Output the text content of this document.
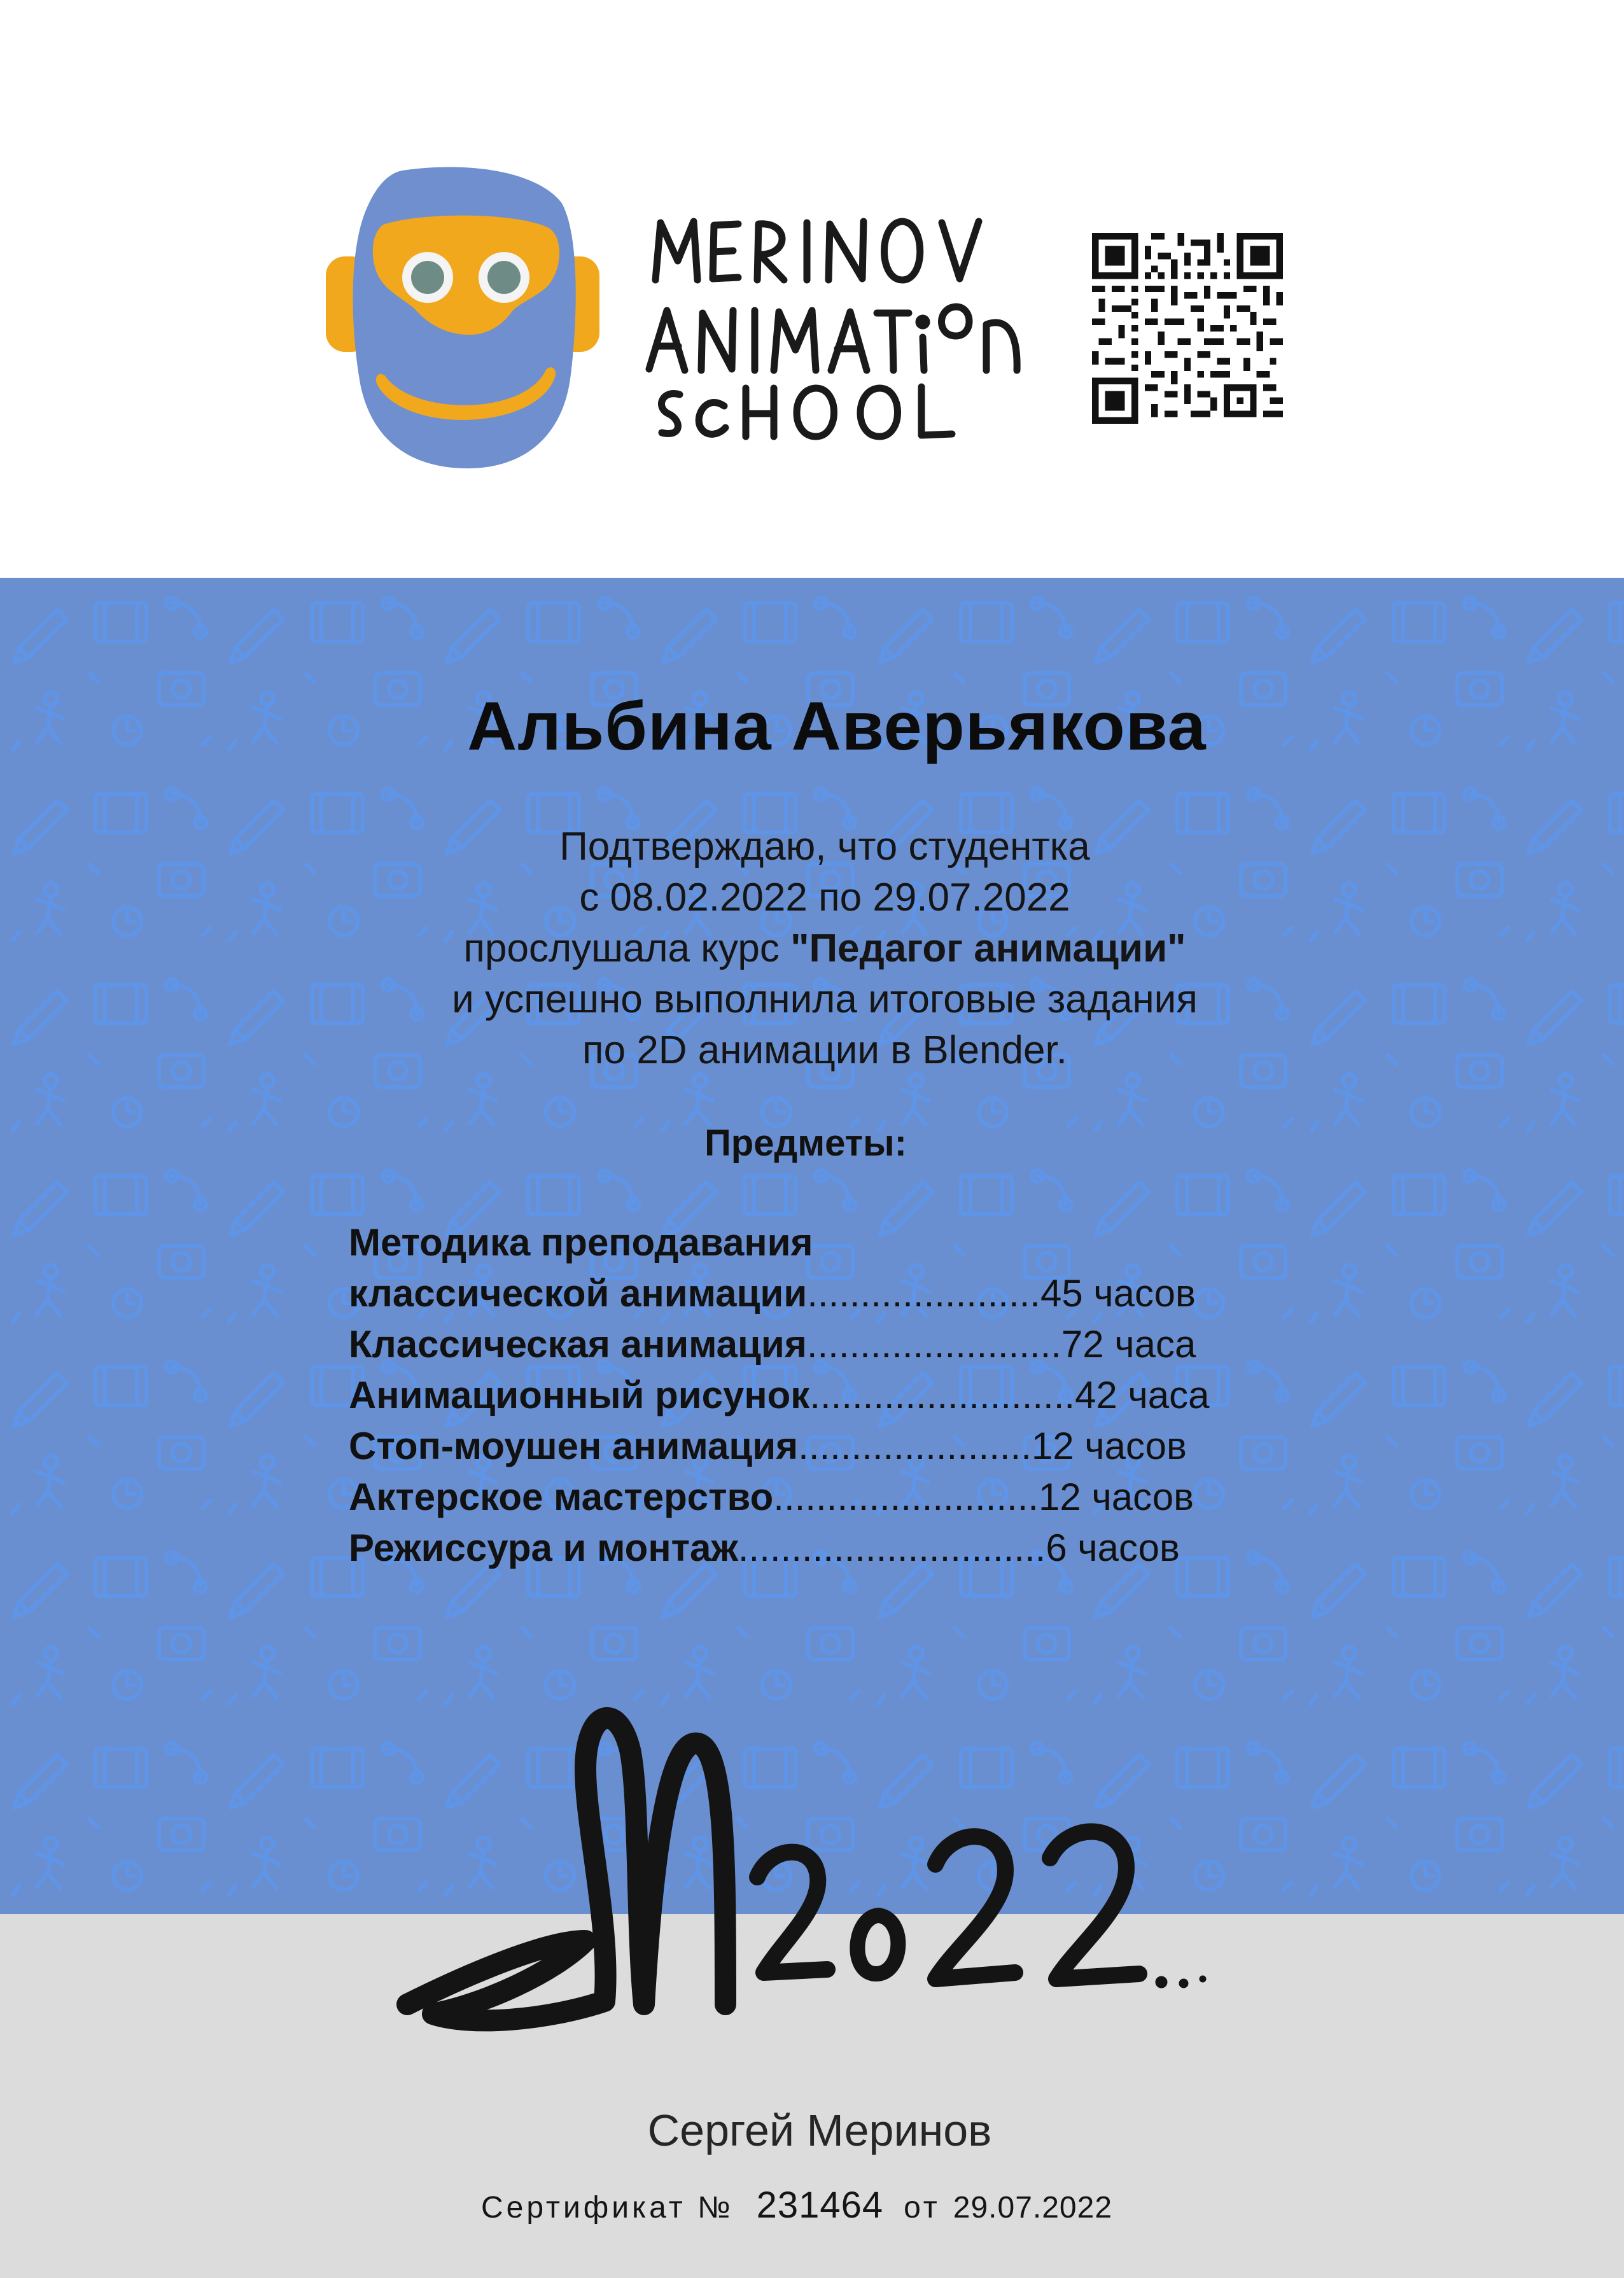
Альбина Аверьякова
Подтверждаю, что студентка
с 08.02.2022 по 29.07.2022
прослушала курс "Педагог анимации"
и успешно выполнила итоговые задания
по 2D анимации в Blender.
Предметы:
Методика преподавания
классической анимации......................45 часов
Классическая анимация........................72 часа
Анимационный рисунок.........................42 часа
Стоп-моушен анимация......................12 часов
Актерское мастерство.........................12 часов
Режиссура и монтаж.............................6 часов
Сергей Меринов
Сертификат № 231464 от 29.07.2022
